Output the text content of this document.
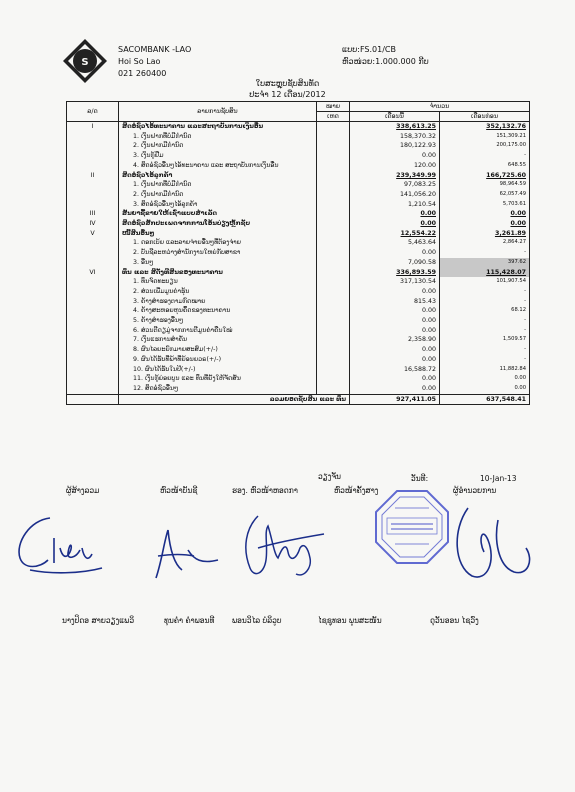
S
SACOMBANK -LAO
Hoi So Lao
021 260400
ແບບ:FS.01/CB
ຫົວໜ່ວຍ:1.000.000 ກີບ
ໃບສະຫຼຸບຊັບສິນທັດ
ປະຈຳ 12 ເດືອນ/2012
ລ/ດ	ລາຍການຊັບສິນ	ໝາຍ	ຈຳນວນ	
		ເຫດ	ເດືອນນີ້	ເດືອນກ່ອນ
I	ສິດອໍຊົວໄອ້ທະນາຄານ ແລະສະຖາບັນການເງິນອື່ນ		338,613.25	352,132.76
	1. ເງິນຝາກທີ່ບໍ່ມີກຳນົດ		158,370.32	151,309.21
	2. ເງິນຝາກມີກຳນົດ		180,122.93	200,175.00
	3. ເງິນກູ້ຢືມ		0.00	-
	4. ສິດອໍຊົວອື່ນໆໄອ້ທະນາຄານ ແລະ ສະຖາບັນການເງິນອື່ນ		120.00	648.55
II	ສິດອໍຊົວໄອ້ລູກຄ້າ		239,349.99	166,725.60
	1. ເງິນຝາກທີ່ບໍ່ມີກຳນົດ		97,083.25	98,964.59
	2. ເງິນຝາກມີກຳນົດ		141,056.20	62,057.49
	3. ສິດອໍຊົວອື່ນໆໄອ້ລູກຄ້າ		1,210.54	5,703.61
III	ສັນຍາຊື້ຂາຍໃຫ້ເຊົ່າແບບສຳເລັດ		0.00	0.00
IV	ສິດອໍຊົວສັກປະເພດຈາກການໂອ້ນບ່ຽງຫຼັກຊັບ		0.00	0.00
V	ໜີ້ສິນອື່ນໆ		12,554.22	3,261.89
	1. ດອກເບ້ຍ ແລະລາຍຈ່າຍອື່ນໆທີ່ຕ້ອງຈ່າຍ		5,463.64	2,864.27
	2. ບັນຊີລະຫວ່າງສຳນັກງານໃຫຍ່ກັບສາຂາ		0.00	-
	3. ອື່ນໆ		7,090.58	397.62
VI	ທຶນ ແລະ ສິດັ່ງທີສິນຂອງທະນາຄານ		336,893.59	115,428.07
	1. ທຶນຈົດທະບຽນ		317,130.54	101,907.54
	2. ສ່ວນເພີ່ມມູນຄ່າຮຸ້ນ		0.00	-
	3. ຄ້າງສຳຮອງຕາມກົດໝາຍ		815.43	-
	4. ຄ້າງສະຫອຍຫຸນຄ້ຶດຂອງທະນາຄານ		0.00	68.12
	5. ຄ້າງສຳຮອງອື່ນໆ		0.00	-
	6. ສ່ວນຕີດຽມູ່ຈາກການຕີມູນຄ່າຄືນໃໝ່		0.00	-
	7. ເງິນແຮການສຳຄັນ		2,358.90	1,509.57
	8. ຜົນໄລຍະຍົກມາຍສະສົມ(+/-)		0.00	-
	9. ຜົນໄດ້ຮັບທີ່ພ້າທີ່ຍ້ອນຍວຣ(+/-)		0.00	-
	10. ຜົນໄດ້ຮັບໃນປີ(+/-)		16,588.72	11,882.84
	11. ເງິນກູ້ຍ່ອຍບູນ ແລະ ທຶນທີ່ຍັງໃຫ້ຈັດສັນ		0.00	0.00
	12. ສິດອໍຊົວອື່ນໆ		0.00	0.00
	ລວມຍອດຊັບສິນ ແລະ ທຶນ		927,411.05	637,548.41
ວຽງຈັນ	ວັນທີ:	10-Jan-13
ຜູ້ສ້າງລວມ	ຫົວໜ້າບັນຊີ	ຮອງ. ຫົວໜ້າຫອດກາ	ຫົວໜ້າຄັ້ງສາງ	ຜູ້ອຳນວຍການ
ນາງປິດອ ສາຍວຽງແພວິ	ທຸນຄຳ ຄຳພອນທີ ພອນວິໄລ ບໍລິວູບ	ໄຊຊຸທອນ ພູນສະໜັນ	ດຸວັນອອນ ໄຊວົງ
